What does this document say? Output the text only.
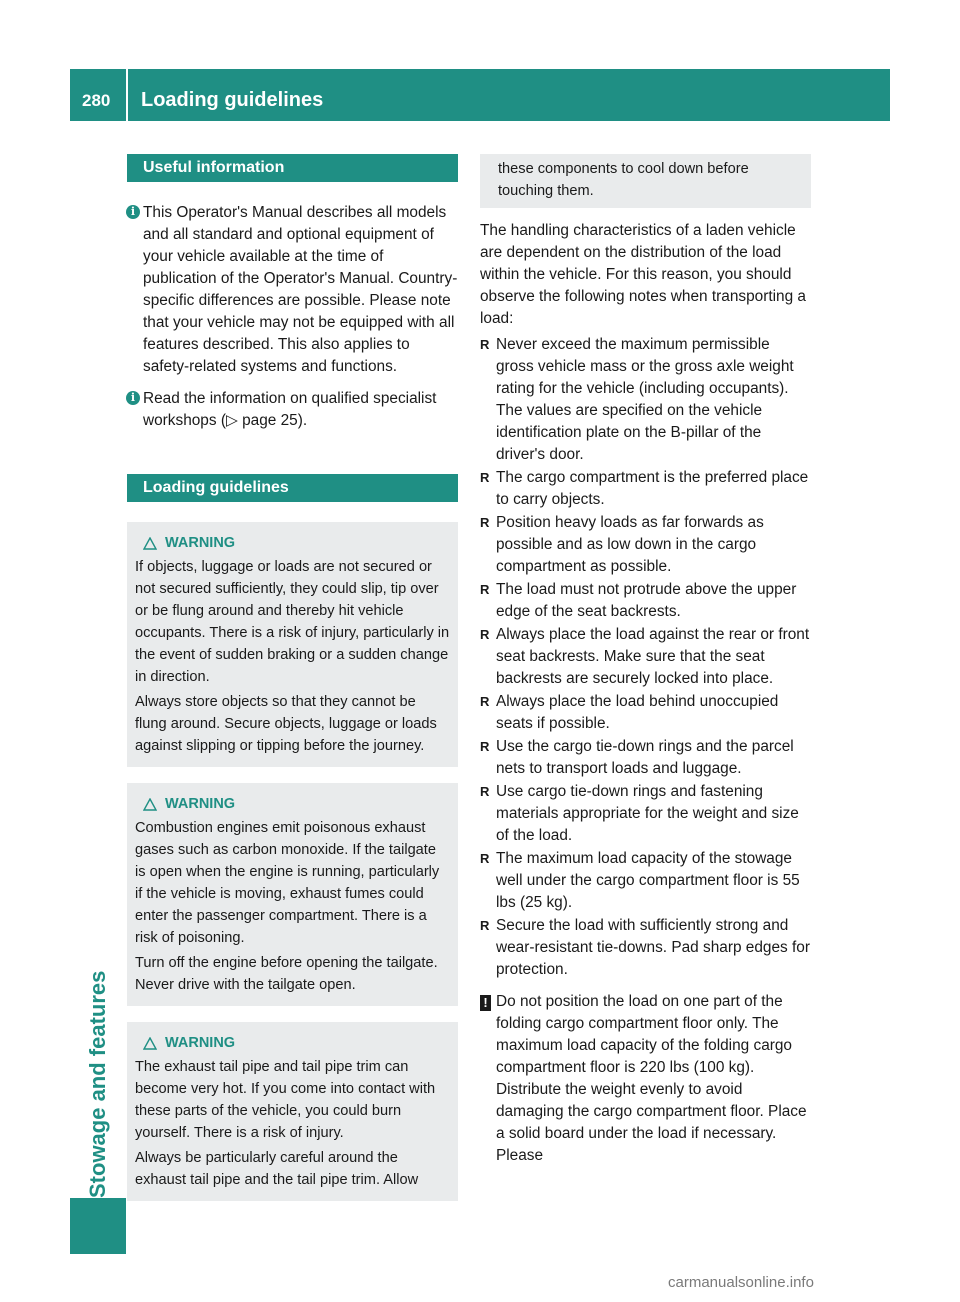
280 Loading guidelines
Stowage and features
Useful information
i This Operator's Manual describes all models and all standard and optional equipment of your vehicle available at the time of publication of the Operator's Manual. Country-specific differences are possible. Please note that your vehicle may not be equipped with all features described. This also applies to safety-related systems and functions.

i Read the information on qualified specialist workshops (▷ page 25).

Loading guidelines
WARNING

If objects, luggage or loads are not secured or not secured sufficiently, they could slip, tip over or be flung around and thereby hit vehicle occupants. There is a risk of injury, particularly in the event of sudden braking or a sudden change in direction.

Always store objects so that they cannot be flung around. Secure objects, luggage or loads against slipping or tipping before the journey.

WARNING

Combustion engines emit poisonous exhaust gases such as carbon monoxide. If the tailgate is open when the engine is running, particularly if the vehicle is moving, exhaust fumes could enter the passenger compartment. There is a risk of poisoning.

Turn off the engine before opening the tailgate. Never drive with the tailgate open.

WARNING

The exhaust tail pipe and tail pipe trim can become very hot. If you come into contact with these parts of the vehicle, you could burn yourself. There is a risk of injury.

Always be particularly careful around the exhaust tail pipe and the tail pipe trim. Allow

these components to cool down before touching them.

The handling characteristics of a laden vehicle are dependent on the distribution of the load within the vehicle. For this reason, you should observe the following notes when transporting a load:

R Never exceed the maximum permissible gross vehicle mass or the gross axle weight rating for the vehicle (including occupants). The values are specified on the vehicle identification plate on the B-pillar of the driver's door.
R The cargo compartment is the preferred place to carry objects.
R Position heavy loads as far forwards as possible and as low down in the cargo compartment as possible.
R The load must not protrude above the upper edge of the seat backrests.
R Always place the load against the rear or front seat backrests. Make sure that the seat backrests are securely locked into place.
R Always place the load behind unoccupied seats if possible.
R Use the cargo tie-down rings and the parcel nets to transport loads and luggage.
R Use cargo tie-down rings and fastening materials appropriate for the weight and size of the load.
R The maximum load capacity of the stowage well under the cargo compartment floor is 55 lbs (25 kg).
R Secure the load with sufficiently strong and wear-resistant tie-downs. Pad sharp edges for protection.
! Do not position the load on one part of the folding cargo compartment floor only. The maximum load capacity of the folding cargo compartment floor is 220 lbs (100 kg). Distribute the weight evenly to avoid damaging the cargo compartment floor. Place a solid board under the load if necessary. Please

carmanualsonline.info
